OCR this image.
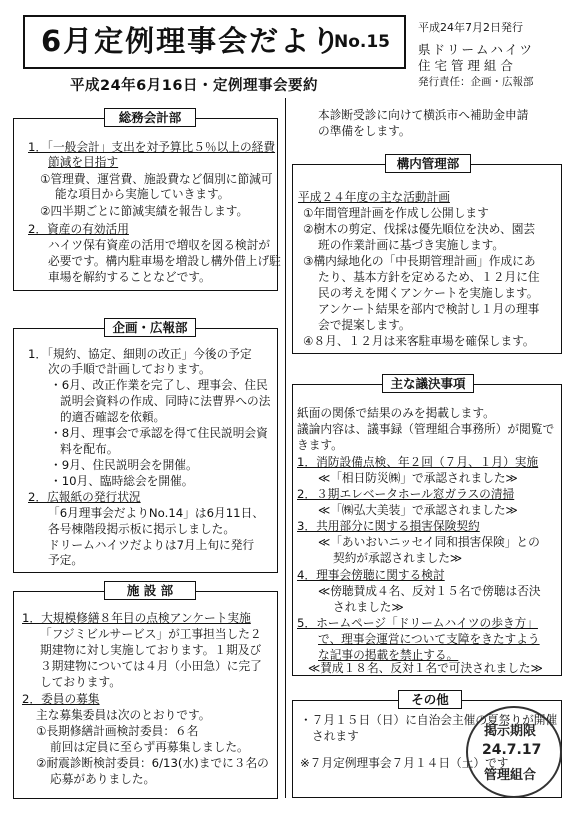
6月定例理事会だより
No.15
平成24年7月2日発行
県ドリームハイツ
住 宅 管 理 組 合
発行責任：企画・広報部
平成24年6月16日・定例理事会要約
総務会計部
1．「一般会計」支出を対予算比５％以上の経費
節減を目指す
①管理費、運営費、施設費など個別に節減可
能な項目から実施していきます。
②四半期ごとに節減実績を報告します。
2．資産の有効活用
ハイツ保有資産の活用で増収を図る検討が
必要です。構内駐車場を増設し構外借上げ駐
車場を解約することなどです。
企画・広報部
1．「規約、協定、細則の改正」今後の予定
次の手順で計画しております。
・6月、改正作業を完了し、理事会、住民
説明会資料の作成、同時に法曹界への法
的適否確認を依頼。
・8月、理事会で承認を得て住民説明会資
料を配布。
・9月、住民説明会を開催。
・10月、臨時総会を開催。
2．広報紙の発行状況
「6月理事会だよりNo.14」は6月11日、
各号棟階段掲示板に掲示しました。
ドリームハイツだよりは7月上旬に発行
予定。
施 設 部
1．大規模修繕８年目の点検アンケート実施
「フジミビルサービス」が工事担当した２
期建物に対し実施しております。１期及び
３期建物については４月（小田急）に完了
しております。
2．委員の募集
主な募集委員は次のとおりです。
①長期修繕計画検討委員：６名
前回は定員に至らず再募集しました。
②耐震診断検討委員：6/13(水)までに３名の
応募がありました。
本診断受診に向けて横浜市へ補助金申請
の準備をします。
構内管理部
平成２４年度の主な活動計画
①年間管理計画を作成し公開します
②樹木の剪定、伐採は優先順位を決め、園芸
班の作業計画に基づき実施します。
③構内緑地化の「中長期管理計画」作成にあ
たり、基本方針を定めるため、１２月に住
民の考えを聞くアンケートを実施します。
アンケート結果を部内で検討し１月の理事
会で提案します。
④８月、１２月は来客駐車場を確保します。
主な議決事項
紙面の関係で結果のみを掲載します。
議論内容は、議事録（管理組合事務所）が閲覧で
きます。
1．消防設備点検、年２回（７月、１月）実施
≪「相日防災㈱」で承認されました≫
2．３期エレベータホール窓ガラスの清掃
≪「㈱弘大美装」で承認されました≫
3．共用部分に関する損害保険契約
≪「あいおいニッセイ同和損害保険」との
契約が承認されました≫
4．理事会傍聴に関する検討
≪傍聴賛成４名、反対１５名で傍聴は否決
されました≫
5．ホームページ「ドリームハイツの歩き方」
で、理事会運営について支障をきたすよう
な記事の掲載を禁止する。
≪賛成１８名、反対１名で可決されました≫
その他
・７月１５日（日）に自治会主催の夏祭りが開催
されます
※７月定例理事会７月１４日（土）です
掲示期限
24.7.17
管理組合
